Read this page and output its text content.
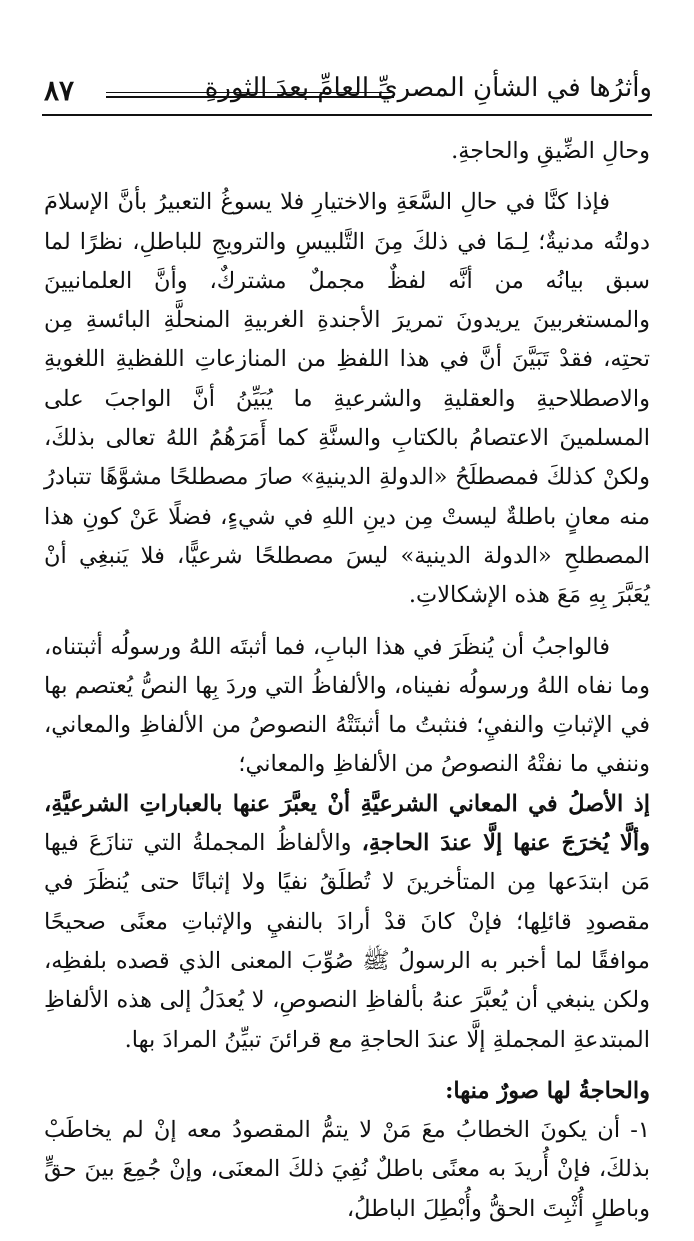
٨٧	وأثرُها في الشأنِ المصريِّ العامِّ بعدَ الثورةِ

وحالِ الضِّيقِ والحاجةِ.

فإذا كنَّا في حالِ السَّعَةِ والاختيارِ فلا يسوغُ التعبيرُ بأنَّ الإسلامَ دولتُه مدنيةٌ؛ لِـمَا في ذلكَ مِنَ التَّلبيسِ والترويجِ للباطلِ، نظرًا لما سبق بيانُه من أنَّه لفظٌ مجملٌ مشتركٌ، وأنَّ العلمانيينَ والمستغربينَ يريدونَ تمريرَ الأجندةِ الغربيةِ المنحلَّةِ البائسةِ مِن تحتِه، فقدْ تَبَيَّنَ أنَّ في هذا اللفظِ من المنازعاتِ اللفظيةِ اللغويةِ والاصطلاحيةِ والعقليةِ والشرعيةِ ما يُبَيِّنُ أنَّ الواجبَ على المسلمينَ الاعتصامُ بالكتابِ والسنَّةِ كما أَمَرَهُمُ اللهُ تعالى بذلكَ، ولكنْ كذلكَ فمصطلَحُ «الدولةِ الدينيةِ» صارَ مصطلحًا مشوَّهًا تتبادرُ منه معانٍ باطلةٌ ليستْ مِن دينِ اللهِ في شيءٍ، فضلًا عَنْ كونِ هذا المصطلحِ «الدولة الدينية» ليسَ مصطلحًا شرعيًّا، فلا يَنبغِي أنْ يُعَبَّرَ بِهِ مَعَ هذه الإشكالاتِ.

فالواجبُ أن يُنظَرَ في هذا البابِ، فما أثبتَه اللهُ ورسولُه أثبتناه، وما نفاه اللهُ ورسولُه نفيناه، والألفاظُ التي وردَ بِها النصُّ يُعتصم بها في الإثباتِ والنفيِ؛ فنثبتُ ما أثبتَتْهُ النصوصُ من الألفاظِ والمعاني، وننفي ما نفتْهُ النصوصُ من الألفاظِ والمعاني؛

إذ الأصلُ في المعاني الشرعيَّةِ أنْ يعبَّرَ عنها بالعباراتِ الشرعيَّةِ، وألَّا يُخرَجَ عنها إلَّا عندَ الحاجةِ، والألفاظُ المجملةُ التي تنازَعَ فيها مَن ابتدَعها مِن المتأخرينَ لا تُطلَقُ نفيًا ولا إثباتًا حتى يُنظَرَ في مقصودِ قائلِها؛ فإنْ كانَ قدْ أرادَ بالنفيِ والإثباتِ معنًى صحيحًا موافقًا لما أخبر به الرسولُ ﷺ صُوِّبَ المعنى الذي قصده بلفظِه، ولكن ينبغي أن يُعبَّرَ عنهُ بألفاظِ النصوصِ، لا يُعدَلُ إلى هذه الألفاظِ المبتدعةِ المجملةِ إلَّا عندَ الحاجةِ مع قرائنَ تبيِّنُ المرادَ بها.

والحاجةُ لها صورٌ منها:

١- أن يكونَ الخطابُ معَ مَنْ لا يتمُّ المقصودُ معه إنْ لم يخاطَبْ بذلكَ، فإنْ أُريدَ به معنًى باطلٌ نُفِيَ ذلكَ المعنَى، وإنْ جُمِعَ بينَ حقٍّ وباطلٍ أُثْبِتَ الحقُّ وأُبْطِلَ الباطلُ،
